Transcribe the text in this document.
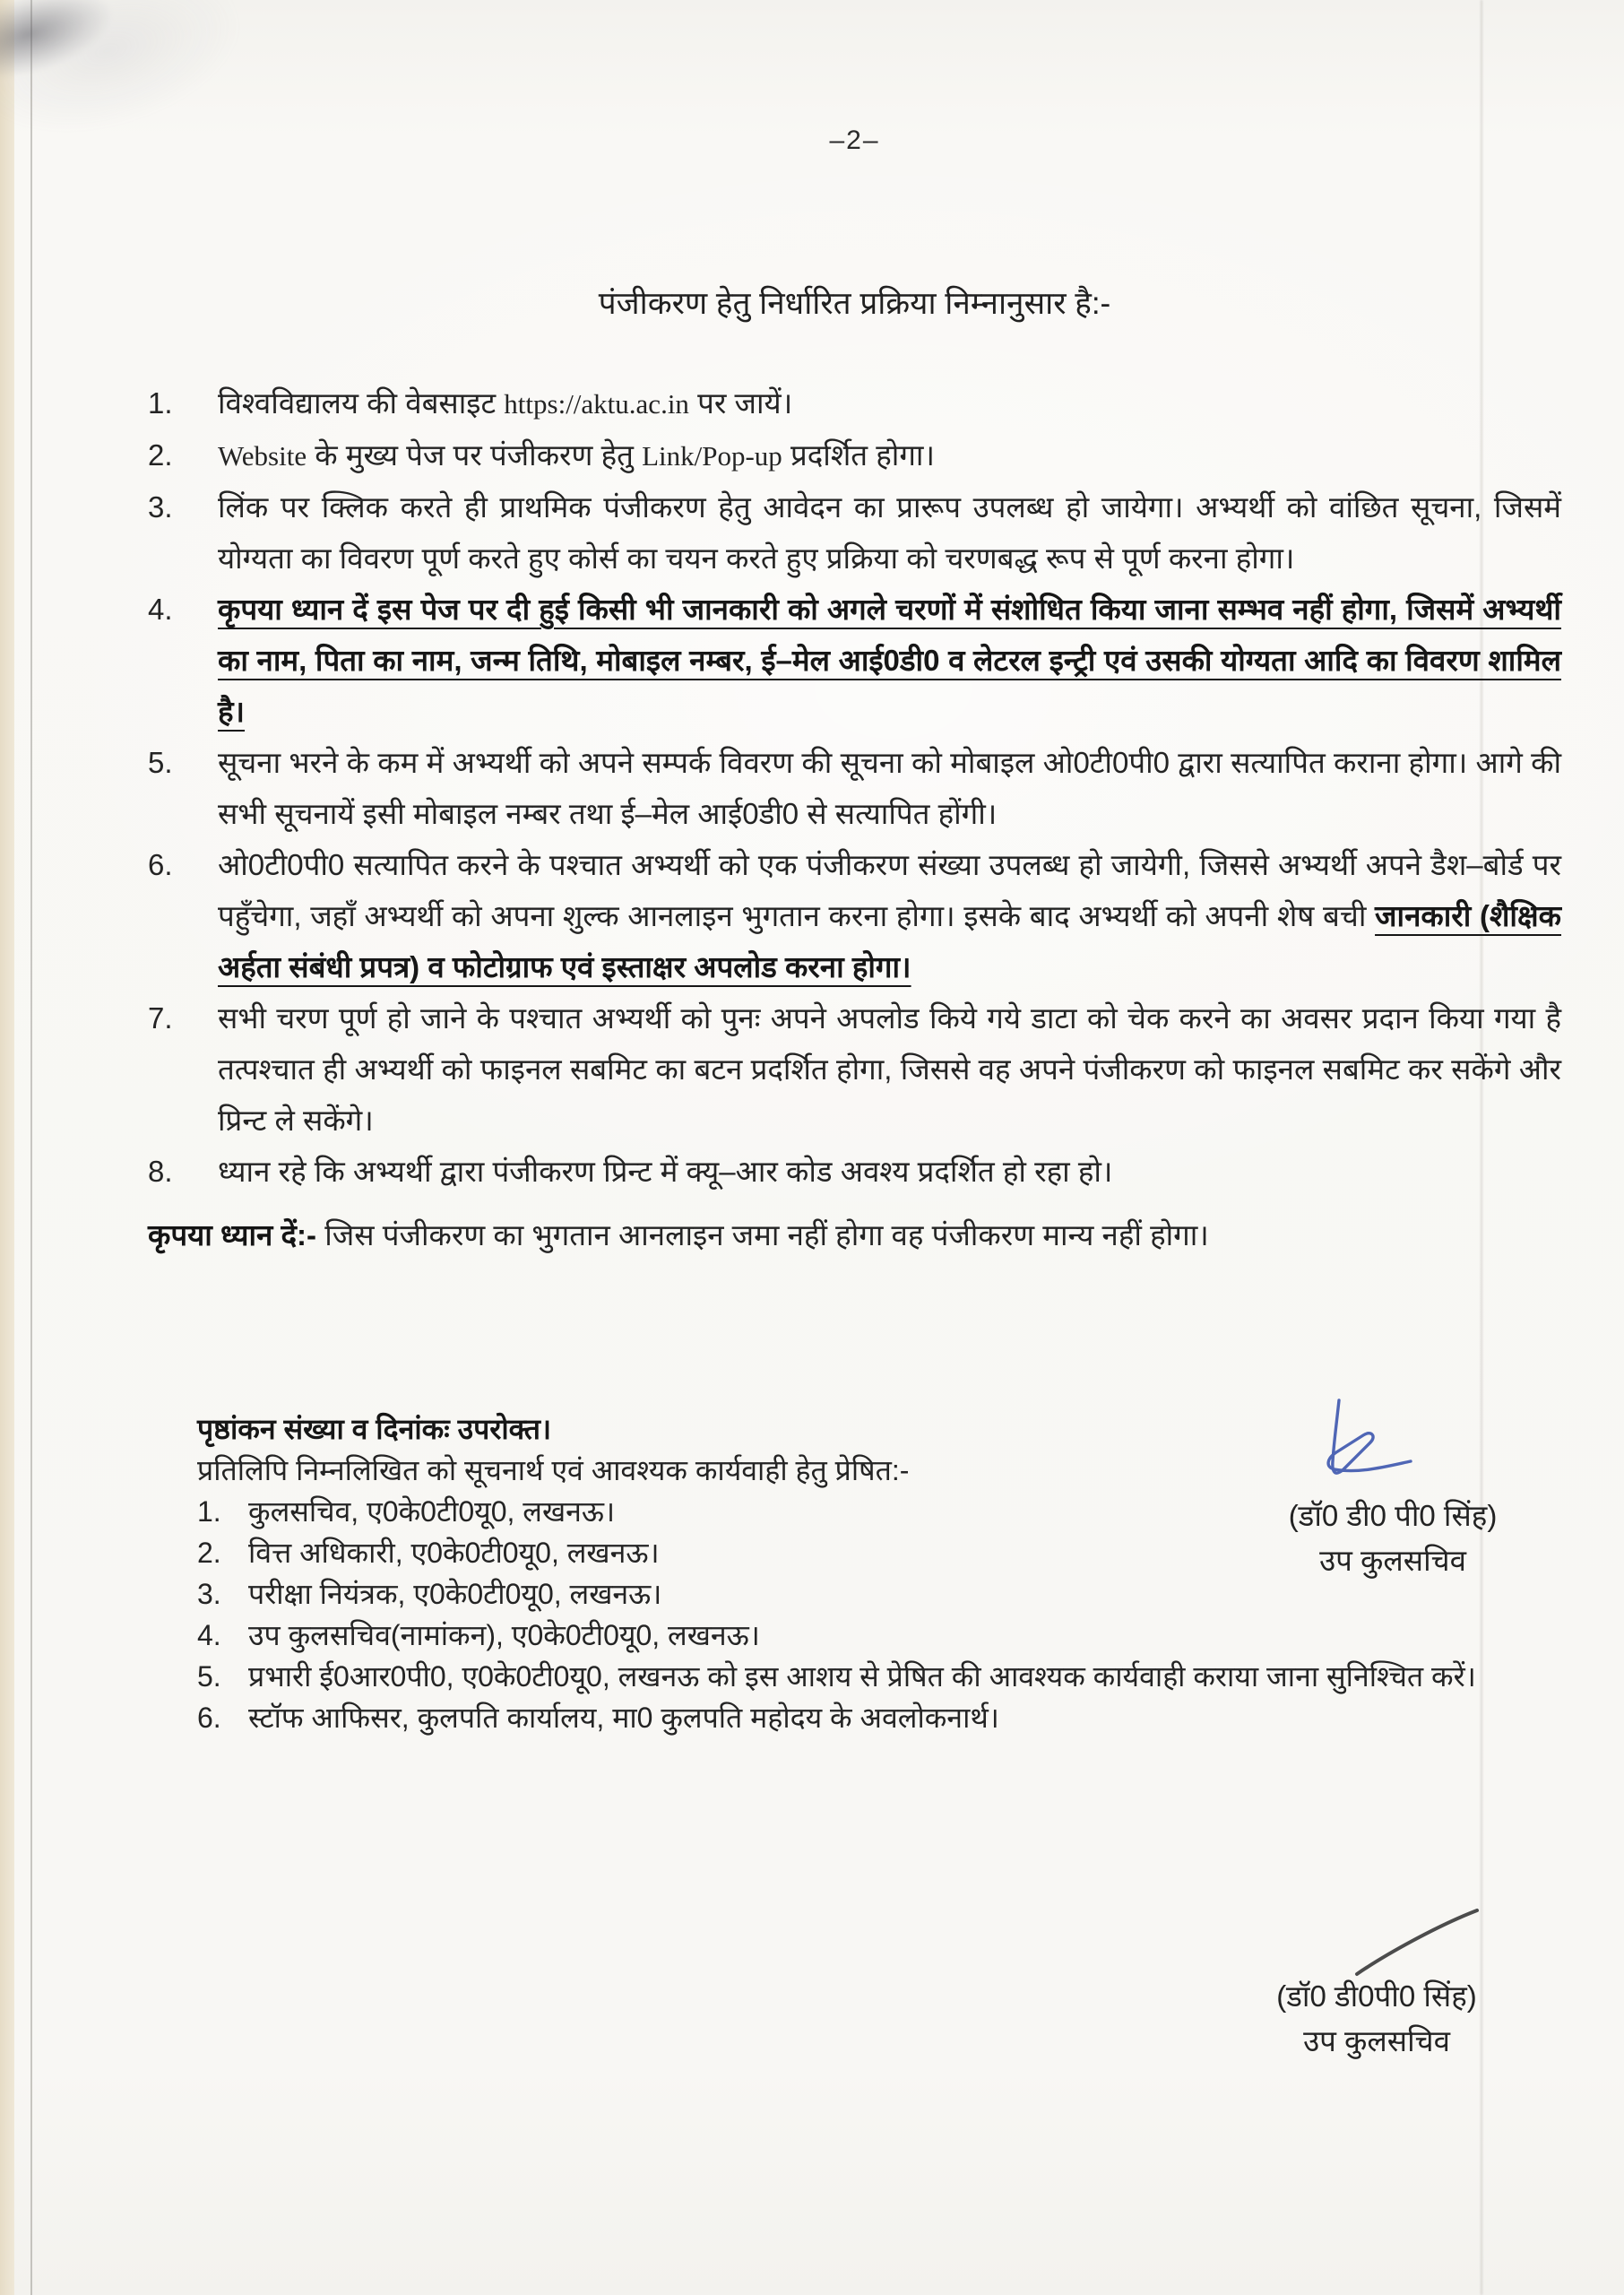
–2–
पंजीकरण हेतु निर्धारित प्रक्रिया निम्नानुसार है:-
1.	विश्वविद्यालय की वेबसाइट https://aktu.ac.in पर जायें।
2.	Website के मुख्य पेज पर पंजीकरण हेतु Link/Pop-up प्रदर्शित होगा।
3.	लिंक पर क्लिक करते ही प्राथमिक पंजीकरण हेतु आवेदन का प्रारूप उपलब्ध हो जायेगा। अभ्यर्थी को वांछित सूचना, जिसमें योग्यता का विवरण पूर्ण करते हुए कोर्स का चयन करते हुए प्रक्रिया को चरणबद्ध रूप से पूर्ण करना होगा।
4.	कृपया ध्यान दें इस पेज पर दी हुई किसी भी जानकारी को अगले चरणों में संशोधित किया जाना सम्भव नहीं होगा, जिसमें अभ्यर्थी का नाम, पिता का नाम, जन्म तिथि, मोबाइल नम्बर, ई–मेल आई0डी0 व लेटरल इन्ट्री एवं उसकी योग्यता आदि का विवरण शामिल है।
5.	सूचना भरने के कम में अभ्यर्थी को अपने सम्पर्क विवरण की सूचना को मोबाइल ओ0टी0पी0 द्वारा सत्यापित कराना होगा। आगे की सभी सूचनायें इसी मोबाइल नम्बर तथा ई–मेल आई0डी0 से सत्यापित होंगी।
6.	ओ0टी0पी0 सत्यापित करने के पश्चात अभ्यर्थी को एक पंजीकरण संख्या उपलब्ध हो जायेगी, जिससे अभ्यर्थी अपने डैश–बोर्ड पर पहुँचेगा, जहाँ अभ्यर्थी को अपना शुल्क आनलाइन भुगतान करना होगा। इसके बाद अभ्यर्थी को अपनी शेष बची जानकारी (शैक्षिक अर्हता संबंधी प्रपत्र) व फोटोग्राफ एवं इस्ताक्षर अपलोड करना होगा।
7.	सभी चरण पूर्ण हो जाने के पश्चात अभ्यर्थी को पुनः अपने अपलोड किये गये डाटा को चेक करने का अवसर प्रदान किया गया है तत्पश्चात ही अभ्यर्थी को फाइनल सबमिट का बटन प्रदर्शित होगा, जिससे वह अपने पंजीकरण को फाइनल सबमिट कर सकेंगे और प्रिन्ट ले सकेंगे।
8.	ध्यान रहे कि अभ्यर्थी द्वारा पंजीकरण प्रिन्ट में क्यू–आर कोड अवश्य प्रदर्शित हो रहा हो।

कृपया ध्यान दें:- जिस पंजीकरण का भुगतान आनलाइन जमा नहीं होगा वह पंजीकरण मान्य नहीं होगा।

पृष्ठांकन संख्या व दिनांकः उपरोक्त।

प्रतिलिपि निम्नलिखित को सूचनार्थ एवं आवश्यक कार्यवाही हेतु प्रेषित:-

1. कुलसचिव, ए0के0टी0यू0, लखनऊ।
2. वित्त अधिकारी, ए0के0टी0यू0, लखनऊ।
3. परीक्षा नियंत्रक, ए0के0टी0यू0, लखनऊ।
4. उप कुलसचिव(नामांकन), ए0के0टी0यू0, लखनऊ।
5. प्रभारी ई0आर0पी0, ए0के0टी0यू0, लखनऊ को इस आशय से प्रेषित की आवश्यक कार्यवाही कराया जाना सुनिश्चित करें।
6. स्टॉफ आफिसर, कुलपति कार्यालय, मा0 कुलपति महोदय के अवलोकनार्थ।
(डॉ0 डी0 पी0 सिंह)
उप कुलसचिव
(डॉ0 डी0पी0 सिंह)
उप कुलसचिव
